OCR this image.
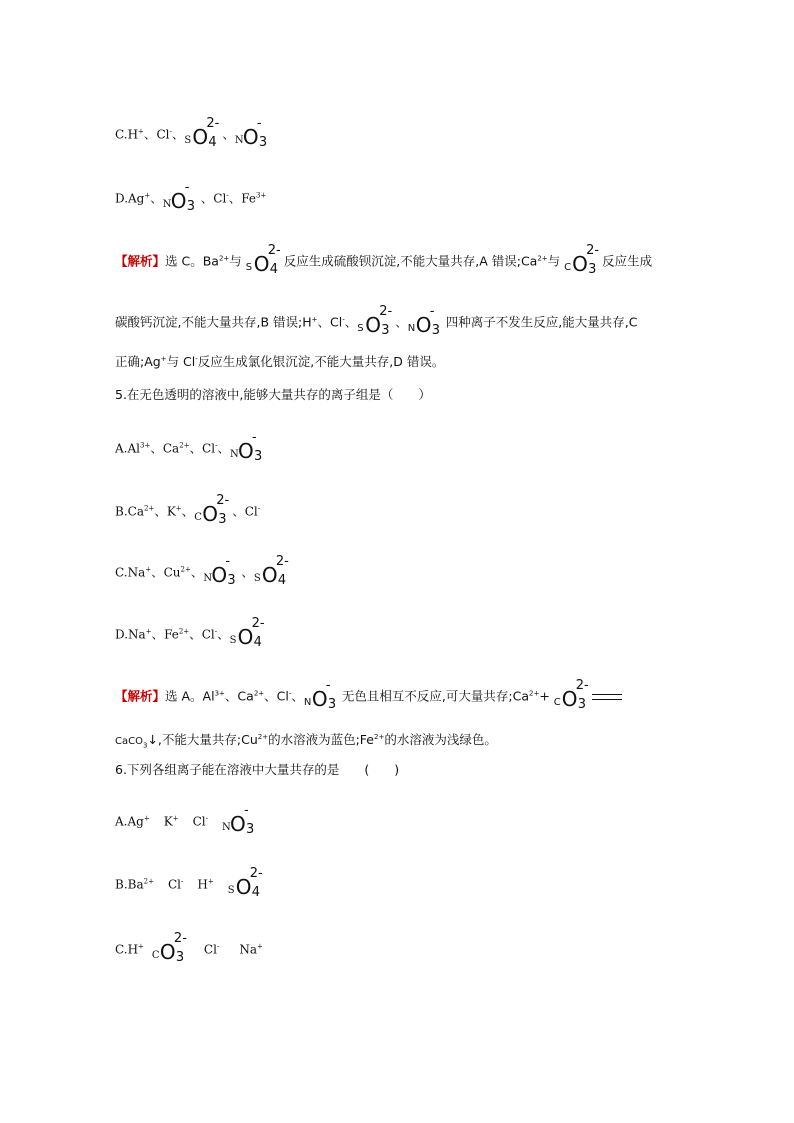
C.H+、Cl-、 S O
2-
4
、 N O
-
3
D.Ag+、 N O
-
3
、Cl-、$Fe^{3+}$
【解析】选 C。$Ba^{2+}$与 S O
2-
4
反应生成硫酸钡沉淀,不能大量共存,A 错误$;Ca^{2+}$与 C O
2-
3
反应生成
碳酸钙沉淀,不能大量共存,B 错误;H+、Cl-、 S O
2-
3
、 N O
-
3
四种离子不发生反应,能大量共存,C
正确;Ag+与 Cl-反应生成氯化银沉淀,不能大量共存,D 错误。
5.在无色透明的溶液中,能够大量共存的离子组是（　　）
$A.Al^{3+}$、$Ca^{2+}$、Cl-、 N O
-
3
$B.Ca^{2+}$、K+、 C O
2-
3
、Cl-
C.Na+、$Cu^{2+}$、 N O
-
3
、 S O
2-
4
D.Na+、$Fe^{2+}$、Cl-、 S O
2-
4
【解析】选 A。$Al^{3+}$、$Ca^{2+}$、Cl-、 N O
-
3
无色且相互不反应,可大量共存$;Ca^{2+}+ C$ O
2-
3
CaCO$_3$↓,不能大量共存$;Cu^{2+}$的水溶液为蓝色$;Fe^{2+}$的水溶液为浅绿色。
6.下列各组离子能在溶液中大量共存的是　　(　　)
A.Ag+ K+ Cl-
N O
-
3
$B.Ba^{2+}$ Cl- H+
S O
2-
4
C.H+
C O
2-
3
Cl- Na+
